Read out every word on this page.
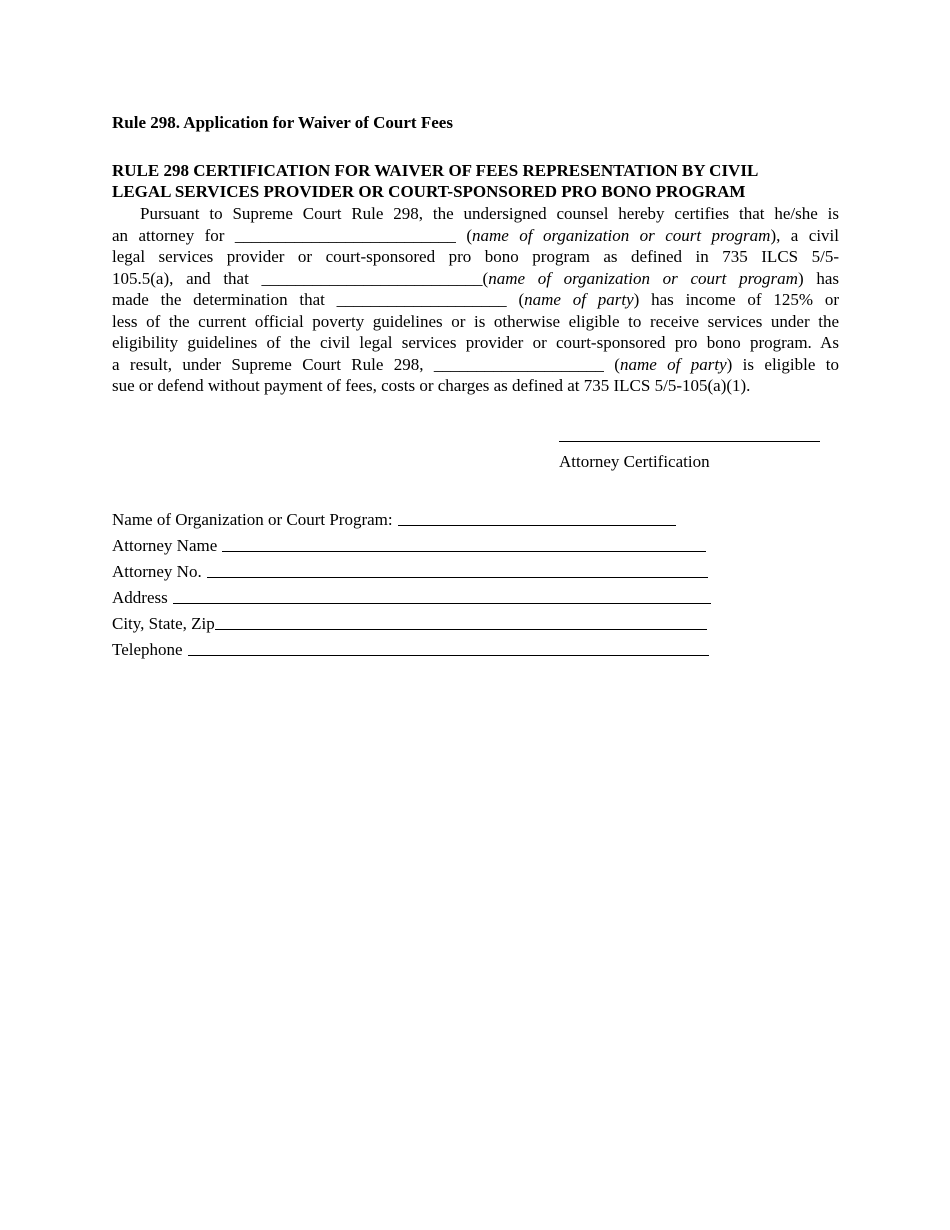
Rule 298. Application for Waiver of Court Fees

RULE 298 CERTIFICATION FOR WAIVER OF FEES REPRESENTATION BY CIVIL
LEGAL SERVICES PROVIDER OR COURT-SPONSORED PRO BONO PROGRAM
Pursuant to Supreme Court Rule 298, the undersigned counsel hereby certifies that he/she is
an attorney for __________________________ (name of organization or court program), a civil
legal services provider or court-sponsored pro bono program as defined in 735 ILCS 5/5-
105.5(a), and that __________________________(name of organization or court program) has
made the determination that ____________________ (name of party) has income of 125% or
less of the current official poverty guidelines or is otherwise eligible to receive services under the
eligibility guidelines of the civil legal services provider or court-sponsored pro bono program. As
a result, under Supreme Court Rule 298, ____________________ (name of party) is eligible to
sue or defend without payment of fees, costs or charges as defined at 735 ILCS 5/5-105(a)(1).

Attorney Certification

Name of Organization or Court Program:
Attorney Name
Attorney No.
Address
City, State, Zip
Telephone
